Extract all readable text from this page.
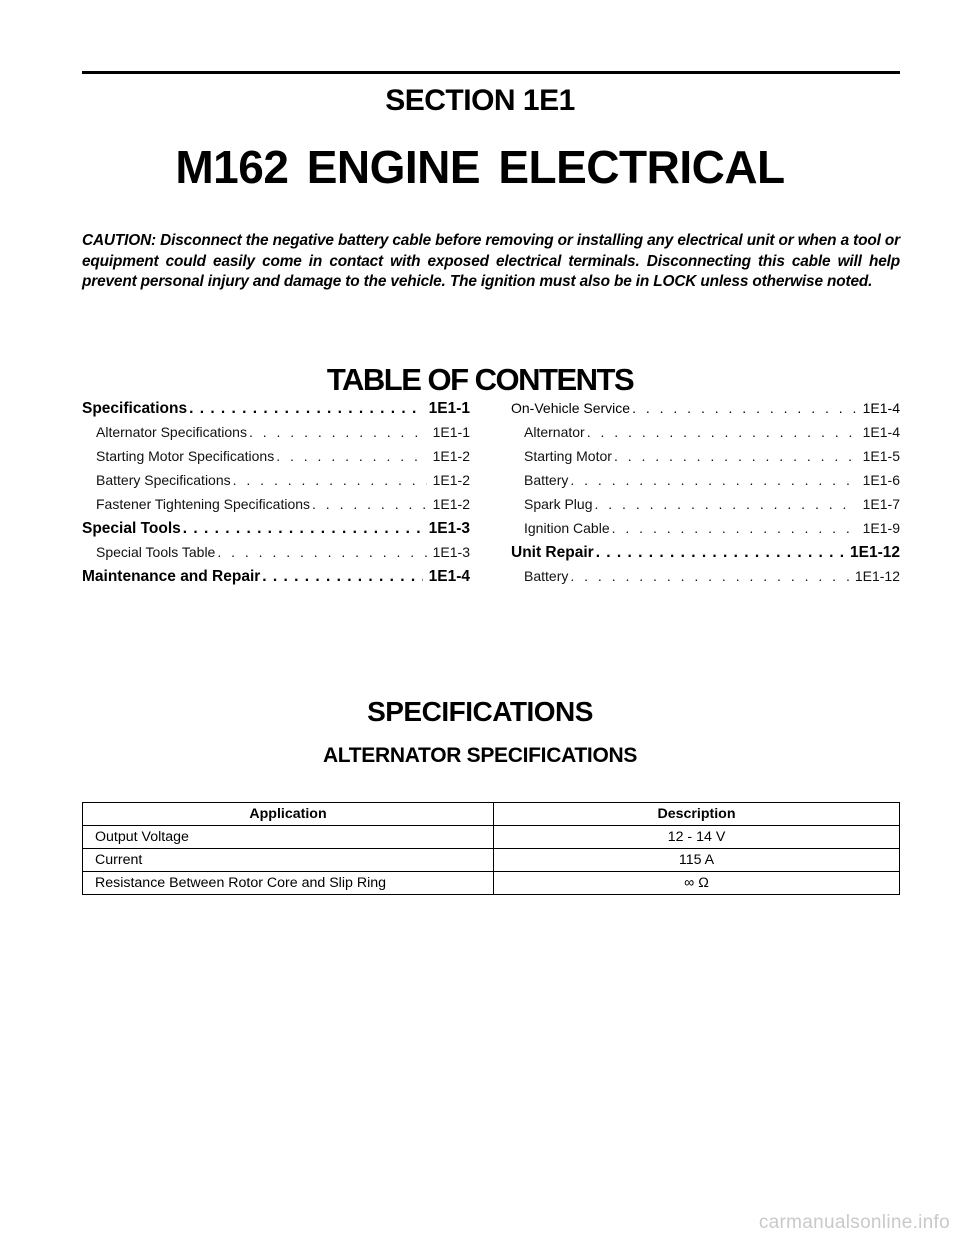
SECTION 1E1
M162 ENGINE ELECTRICAL
CAUTION: Disconnect the negative battery cable before removing or installing any electrical unit or when a tool or equipment could easily come in contact with exposed electrical terminals. Disconnecting this cable will help prevent personal injury and damage to the vehicle. The ignition must also be in LOCK unless otherwise noted.
TABLE OF CONTENTS
Specifications . . .	1E1-1
Alternator Specifications . . .	1E1-1
Starting Motor Specifications . . .	1E1-2
Battery Specifications . . .	1E1-2
Fastener Tightening Specifications . . .	1E1-2
Special Tools . . .	1E1-3
Special Tools Table . . .	1E1-3
Maintenance and Repair . . .	1E1-4
On-Vehicle Service . . .	1E1-4
Alternator . . .	1E1-4
Starting Motor . . .	1E1-5
Battery . . .	1E1-6
Spark Plug . . .	1E1-7
Ignition Cable . . .	1E1-9
Unit Repair . . .	1E1-12
Battery . . .	1E1-12
SPECIFICATIONS
ALTERNATOR SPECIFICATIONS
Application	Description
Output Voltage	12 - 14 V
Current	115 A
Resistance Between Rotor Core and Slip Ring	∞ Ω
carmanualsonline.info
